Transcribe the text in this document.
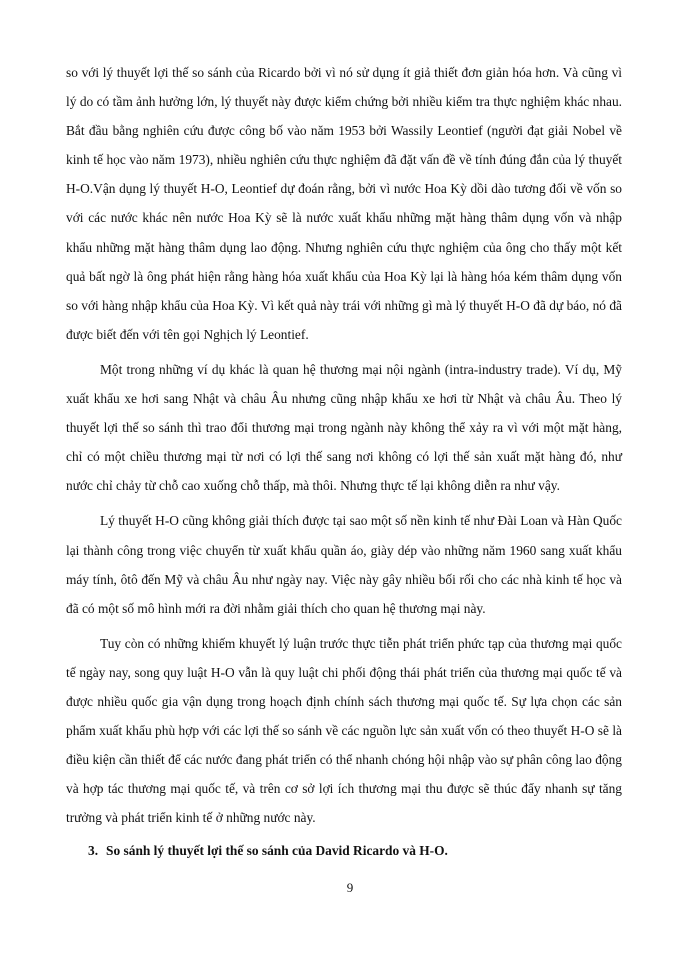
so với lý thuyết lợi thế so sánh của Ricardo bởi vì nó sử dụng ít giả thiết đơn giản hóa hơn. Và cũng vì lý do có tầm ảnh hưởng lớn, lý thuyết này được kiểm chứng bởi nhiều kiểm tra thực nghiệm khác nhau. Bắt đầu bằng nghiên cứu được công bố vào năm 1953 bởi Wassily Leontief (người đạt giải Nobel về kinh tế học vào năm 1973), nhiều nghiên cứu thực nghiệm đã đặt vấn đề về tính đúng đắn của lý thuyết H-O.Vận dụng lý thuyết H-O, Leontief dự đoán rằng, bởi vì nước Hoa Kỳ dồi dào tương đối về vốn so với các nước khác nên nước Hoa Kỳ sẽ là nước xuất khẩu những mặt hàng thâm dụng vốn và nhập khẩu những mặt hàng thâm dụng lao động. Nhưng nghiên cứu thực nghiệm của ông cho thấy một kết quả bất ngờ là ông phát hiện rằng hàng hóa xuất khẩu của Hoa Kỳ lại là hàng hóa kém thâm dụng vốn so với hàng nhập khẩu của Hoa Kỳ. Vì kết quả này trái với những gì mà lý thuyết H-O đã dự báo, nó đã được biết đến với tên gọi Nghịch lý Leontief.

Một trong những ví dụ khác là quan hệ thương mại nội ngành (intra-industry trade). Ví dụ, Mỹ xuất khẩu xe hơi sang Nhật và châu Âu nhưng cũng nhập khẩu xe hơi từ Nhật và châu Âu. Theo lý thuyết lợi thế so sánh thì trao đổi thương mại trong ngành này không thể xảy ra vì với một mặt hàng, chỉ có một chiều thương mại từ nơi có lợi thế sang nơi không có lợi thế sản xuất mặt hàng đó, như nước chỉ chảy từ chỗ cao xuống chỗ thấp, mà thôi. Nhưng thực tế lại không diễn ra như vậy.

Lý thuyết H-O cũng không giải thích được tại sao một số nền kinh tế như Đài Loan và Hàn Quốc lại thành công trong việc chuyển từ xuất khẩu quần áo, giày dép vào những năm 1960 sang xuất khẩu máy tính, ôtô đến Mỹ và châu Âu như ngày nay. Việc này gây nhiều bối rối cho các nhà kinh tế học và đã có một số mô hình mới ra đời nhằm giải thích cho quan hệ thương mại này.

Tuy còn có những khiếm khuyết lý luận trước thực tiễn phát triển phức tạp của thương mại quốc tế ngày nay, song quy luật H-O vẫn là quy luật chi phối động thái phát triển của thương mại quốc tế và được nhiều quốc gia vận dụng trong hoạch định chính sách thương mại quốc tế. Sự lựa chọn các sản phẩm xuất khẩu phù hợp với các lợi thế so sánh về các nguồn lực sản xuất vốn có theo thuyết H-O sẽ là điều kiện cần thiết để các nước đang phát triển có thể nhanh chóng hội nhập vào sự phân công lao động và hợp tác thương mại quốc tế, và trên cơ sở lợi ích thương mại thu được sẽ thúc đẩy nhanh sự tăng trưởng và phát triển kinh tế ở những nước này.

3. So sánh lý thuyết lợi thế so sánh của David Ricardo và H-O.
9
